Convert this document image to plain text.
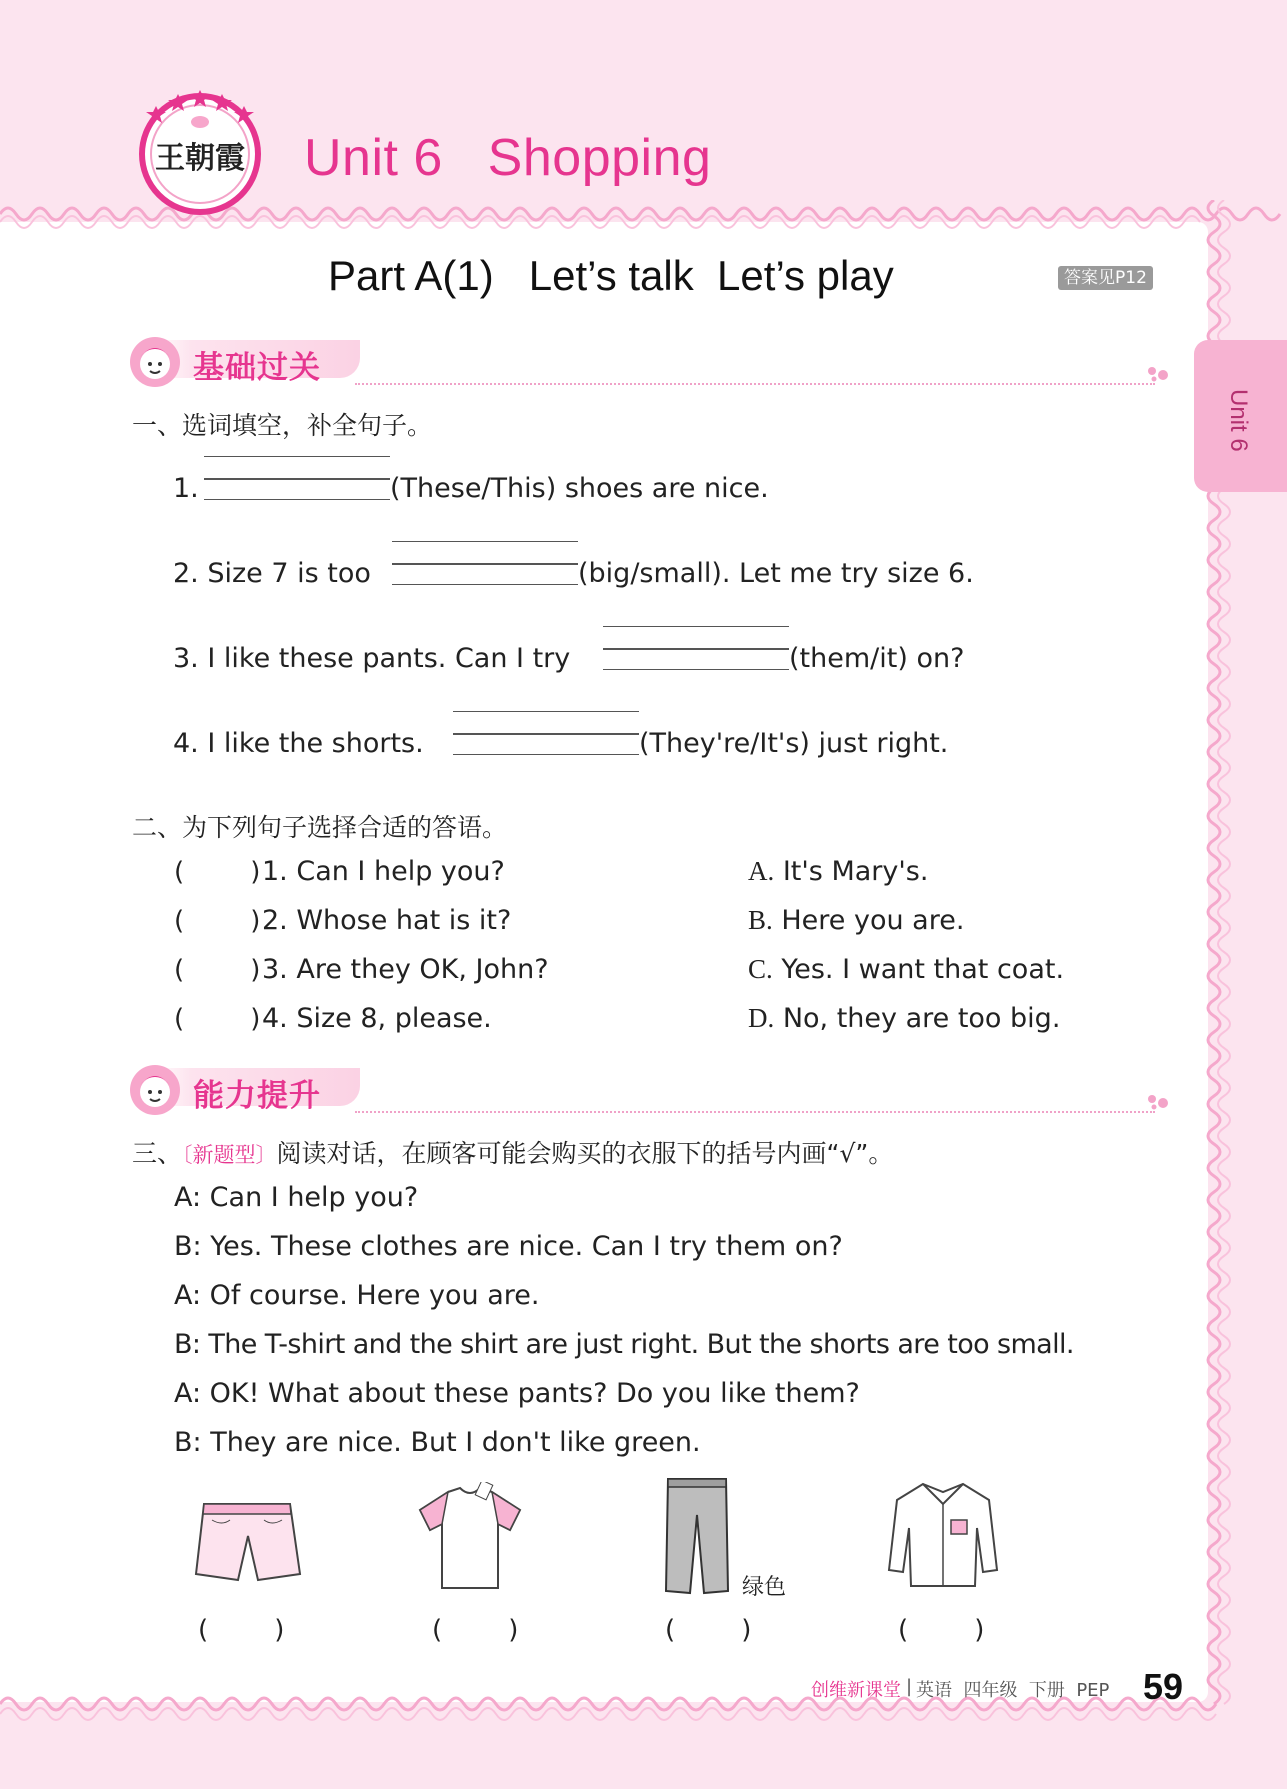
王朝霞 Unit 6   Shopping
Unit 6
Part A(1)   Let’s talk  Let’s play	答案见P12
基础过关
一、选词填空，补全句子。
1.	(These/This) shoes are nice.
2. Size 7 is too	(big/small). Let me try size 6.
3. I like these pants. Can I try	(them/it) on?
4. I like the shorts.	(They're/It's) just right.
二、为下列句子选择合适的答语。
(        ) 1. Can I help you?
(        ) 2. Whose hat is it?
(        ) 3. Are they OK, John?
(        ) 4. Size 8, please.
A. It's Mary's.
B. Here you are.
C. Yes. I want that coat.
D. No, they are too big.
能力提升
三、〔新题型〕阅读对话，在顾客可能会购买的衣服下的括号内画“√”。
A: Can I help you?
B: Yes. These clothes are nice. Can I try them on?
A: Of course. Here you are.
B: The T-shirt and the shirt are just right. But the shorts are too small.
A: OK! What about these pants? Do you like them?
B: They are nice. But I don't like green.
绿色
(        )	(        )	(        )	(        )
创维新课堂 | 英语  四年级  下册  PEP 59
